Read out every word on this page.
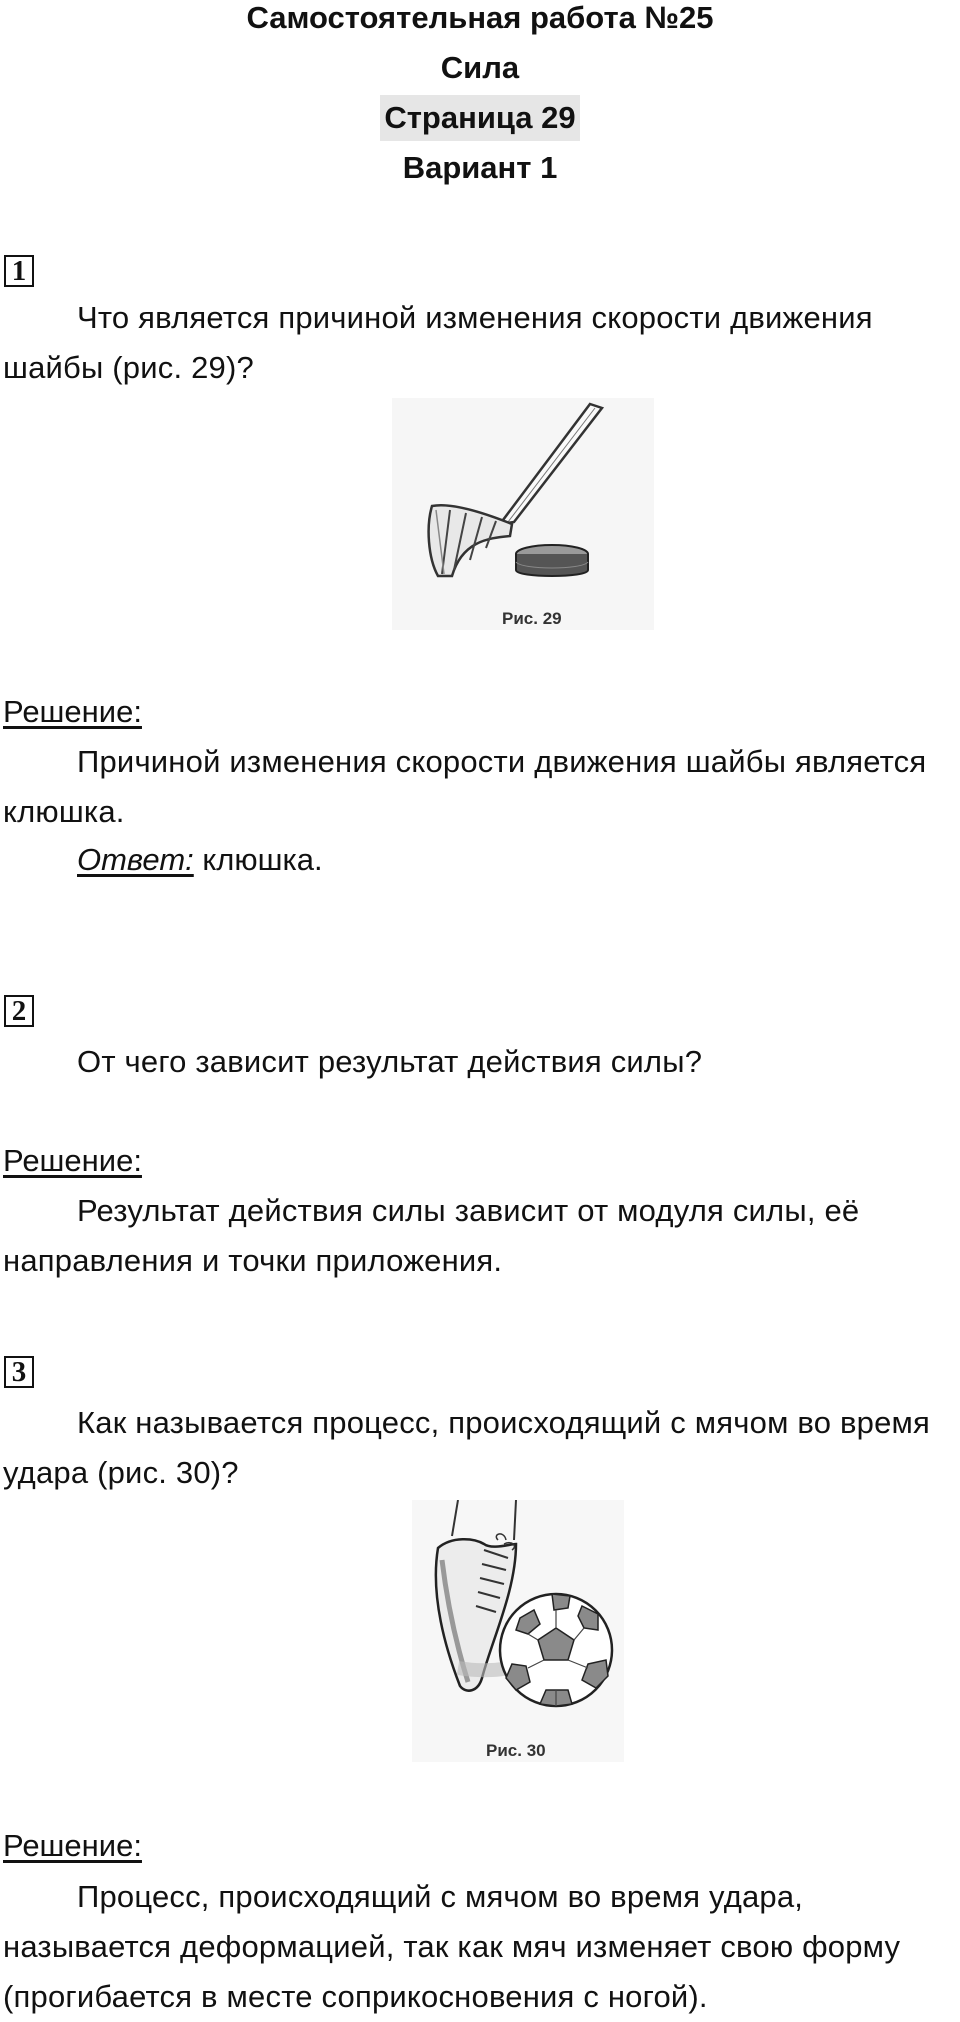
Самостоятельная работа №25
Сила
Страница 29
Вариант 1
1
Что является причиной изменения скорости движения шайбы (рис. 29)?
Рис. 29
Решение:
Причиной изменения скорости движения шайбы является клюшка.
Ответ: клюшка.
2
От чего зависит результат действия силы?
Решение:
Результат действия силы зависит от модуля силы, её направления и точки приложения.
3
Как называется процесс, происходящий с мячом во время удара (рис. 30)?
Рис. 30
Решение:
Процесс, происходящий с мячом во время удара, называется деформацией, так как мяч изменяет свою форму (прогибается в месте соприкосновения с ногой).
